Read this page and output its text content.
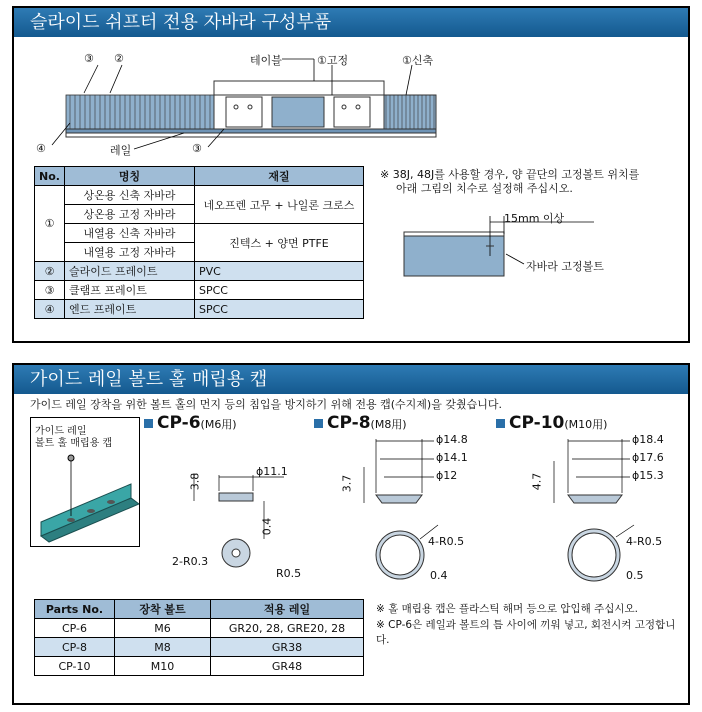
슬라이드 쉬프터 전용 자바라 구성부품
③ ②
④	레일	③
테이블	①고정	①신축
No.	명칭	재질
①	상온용 신축 자바라	네오프렌 고무 + 나일론 크로스
	상온용 고정 자바라	
	내열용 신축 자바라	진텍스 + 양면 PTFE
	내열용 고정 자바라	
②	슬라이드 프레이트	PVC
③	클램프 프레이트	SPCC
④	엔드 프레이트	SPCC
※ 38J, 48J를 사용할 경우, 양 끝단의 고정볼트 위치를
아래 그림의 치수로 설정해 주십시오.
15mm 이상
자바라 고정볼트
가이드 레일 볼트 홀 매립용 캡
가이드 레일 장착을 위한 볼트 홀의 먼지 등의 침입을 방지하기 위해 전용 캡(수지제)을 갖췄습니다.
가이드 레일
볼트 홀 매립용 캡
CP-6(M6用)	CP-8(M8用)	CP-10(M10用)
ϕ11.1
3.8
0.4
2-R0.3
R0.5
ϕ14.8
ϕ14.1
ϕ12
3.7
4-R0.5
0.4
ϕ18.4
ϕ17.6
ϕ15.3
4.7
4-R0.5
0.5
Parts No.	장착 볼트	적용 레일
CP-6	M6	GR20, 28, GRE20, 28
CP-8	M8	GR38
CP-10	M10	GR48
※ 홀 매립용 캡은 플라스틱 해머 등으로 압입해 주십시오.
※ CP-6은 레일과 볼트의 틈 사이에 끼워 넣고, 회전시켜 고정합니다.
